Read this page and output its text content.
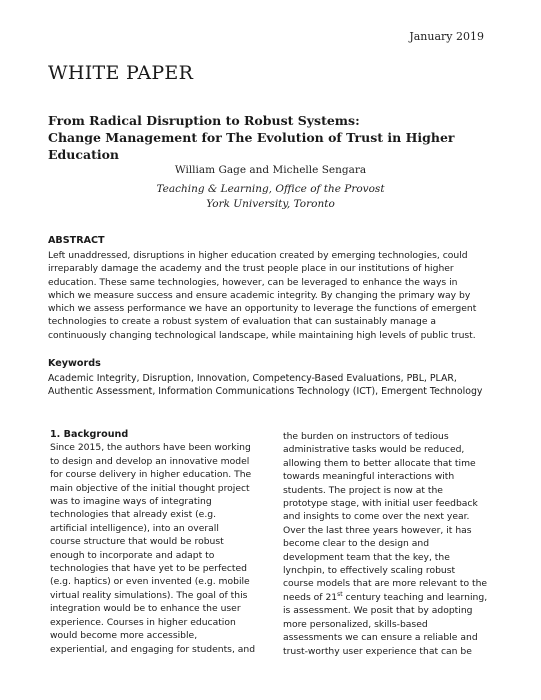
January 2019
WHITE PAPER
From Radical Disruption to Robust Systems:
Change Management for The Evolution of Trust in Higher Education
William Gage and Michelle Sengara
Teaching & Learning, Office of the Provost
York University, Toronto
ABSTRACT

Left unaddressed, disruptions in higher education created by emerging technologies, could
irreparably damage the academy and the trust people place in our institutions of higher
education. These same technologies, however, can be leveraged to enhance the ways in
which we measure success and ensure academic integrity. By changing the primary way by
which we assess performance we have an opportunity to leverage the functions of emergent
technologies to create a robust system of evaluation that can sustainably manage a
continuously changing technological landscape, while maintaining high levels of public trust.

Keywords

Academic Integrity, Disruption, Innovation, Competency-Based Evaluations, PBL, PLAR,
Authentic Assessment, Information Communications Technology (ICT), Emergent Technology

1. Background
Since 2015, the authors have been working
to design and develop an innovative model
for course delivery in higher education. The
main objective of the initial thought project
was to imagine ways of integrating
technologies that already exist (e.g.
artificial intelligence), into an overall
course structure that would be robust
enough to incorporate and adapt to
technologies that have yet to be perfected
(e.g. haptics) or even invented (e.g. mobile
virtual reality simulations). The goal of this
integration would be to enhance the user
experience. Courses in higher education
would become more accessible,
experiential, and engaging for students, and
the burden on instructors of tedious
administrative tasks would be reduced,
allowing them to better allocate that time
towards meaningful interactions with
students. The project is now at the
prototype stage, with initial user feedback
and insights to come over the next year.
Over the last three years however, it has
become clear to the design and
development team that the key, the
lynchpin, to effectively scaling robust
course models that are more relevant to the
needs of 21st century teaching and learning,
is assessment. We posit that by adopting
more personalized, skills-based
assessments we can ensure a reliable and
trust-worthy user experience that can be
